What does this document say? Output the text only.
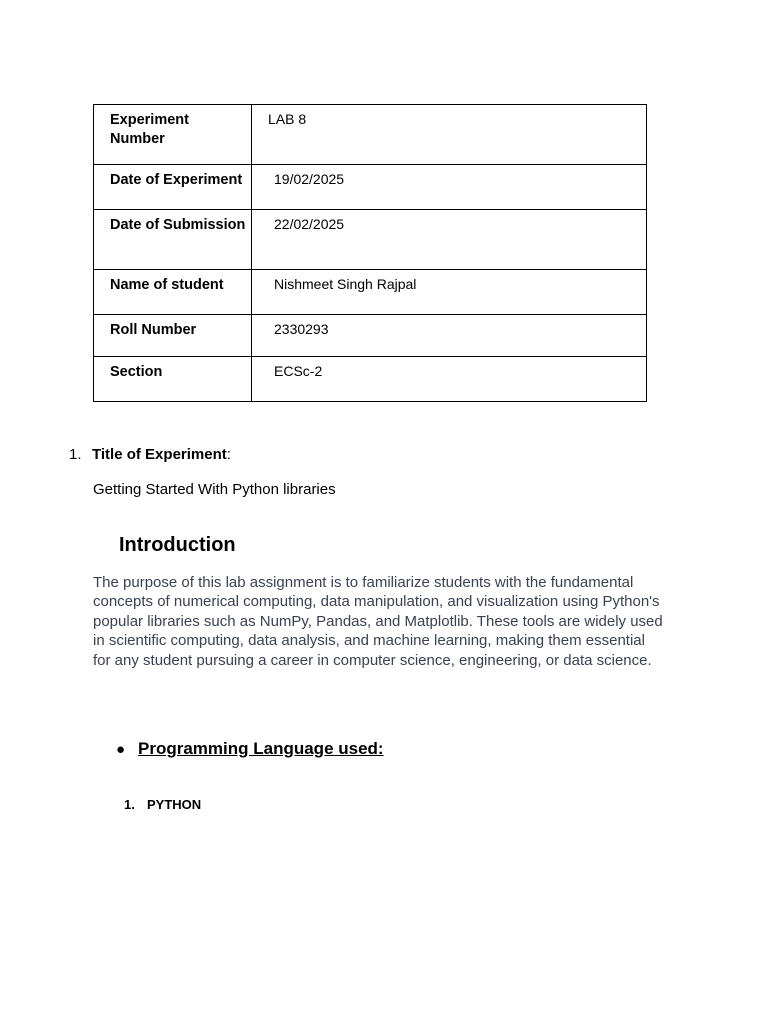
Experiment Number	LAB 8
Date of Experiment	19/02/2025
Date of Submission	22/02/2025
Name of student	Nishmeet Singh Rajpal
Roll Number	2330293
Section	ECSc-2
1. Title of Experiment:
Getting Started With Python libraries
Introduction
The purpose of this lab assignment is to familiarize students with the fundamental concepts of numerical computing, data manipulation, and visualization using Python's popular libraries such as NumPy, Pandas, and Matplotlib. These tools are widely used in scientific computing, data analysis, and machine learning, making them essential for any student pursuing a career in computer science, engineering, or data science.
● Programming Language used:
1. PYTHON
